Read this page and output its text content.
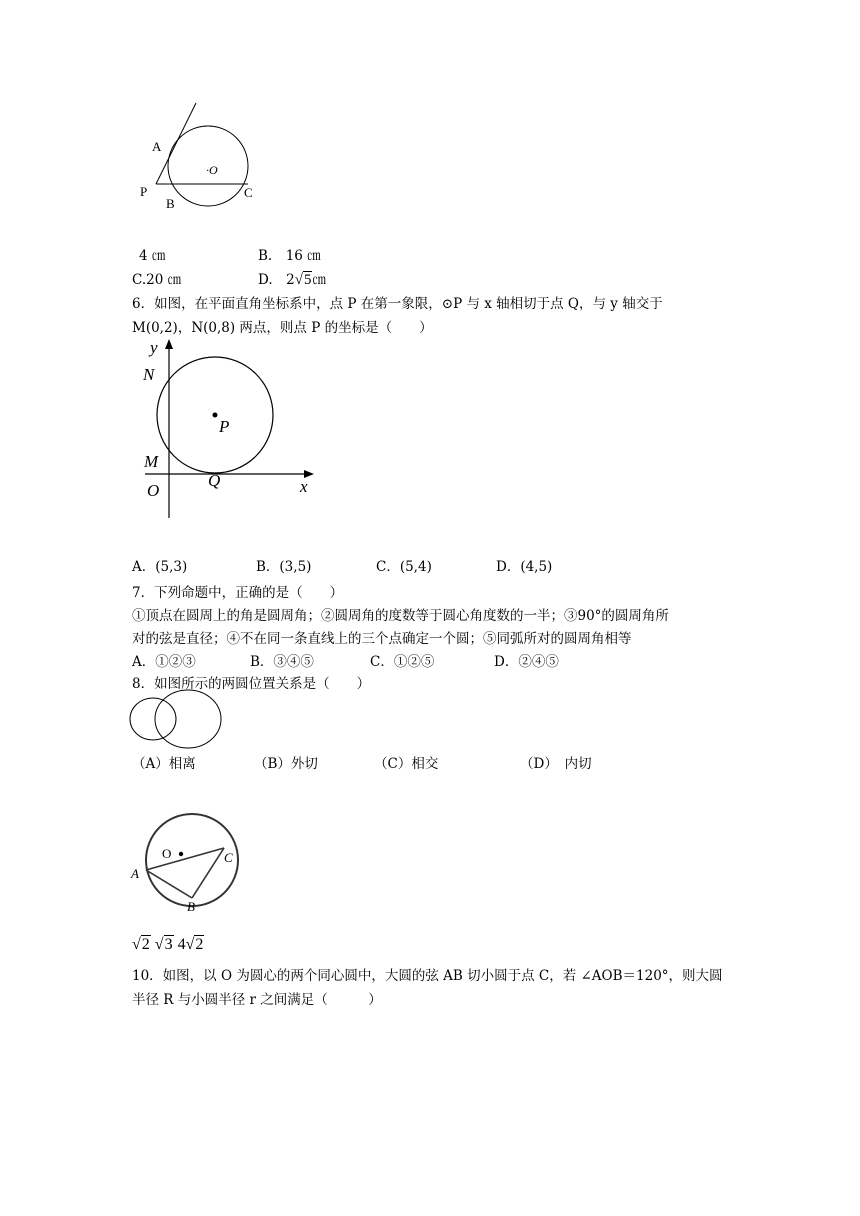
A
P
B
C
·O
4 ㎝	B.　16 ㎝
C.20 ㎝	D.　2√5㎝
6．如图，在平面直角坐标系中，点 P 在第一象限，⊙P 与 x 轴相切于点 Q，与 y 轴交于
M(0,2)，N(0,8) 两点，则点 P 的坐标是（　　）
y
N
P
M
O
Q	x
A．(5,3)	B．(3,5)	C．(5,4)	D．(4,5)
7．下列命题中，正确的是（　　）
①顶点在圆周上的角是圆周角；②圆周角的度数等于圆心角度数的一半；③90°的圆周角所
对的弦是直径；④不在同一条直线上的三个点确定一个圆；⑤同弧所对的圆周角相等
A．①②③	B．③④⑤	C．①②⑤	D．②④⑤
8．如图所示的两圆位置关系是（　　）
（A）相离	（B）外切	（C）相交	（D）　内切
O
A
B
C
√2 √3 4√2
10．如图，以 O 为圆心的两个同心圆中，大圆的弦 AB 切小圆于点 C，若 ∠AOB＝120°，则大圆
半径 R 与小圆半径 r 之间满足（　　　）
